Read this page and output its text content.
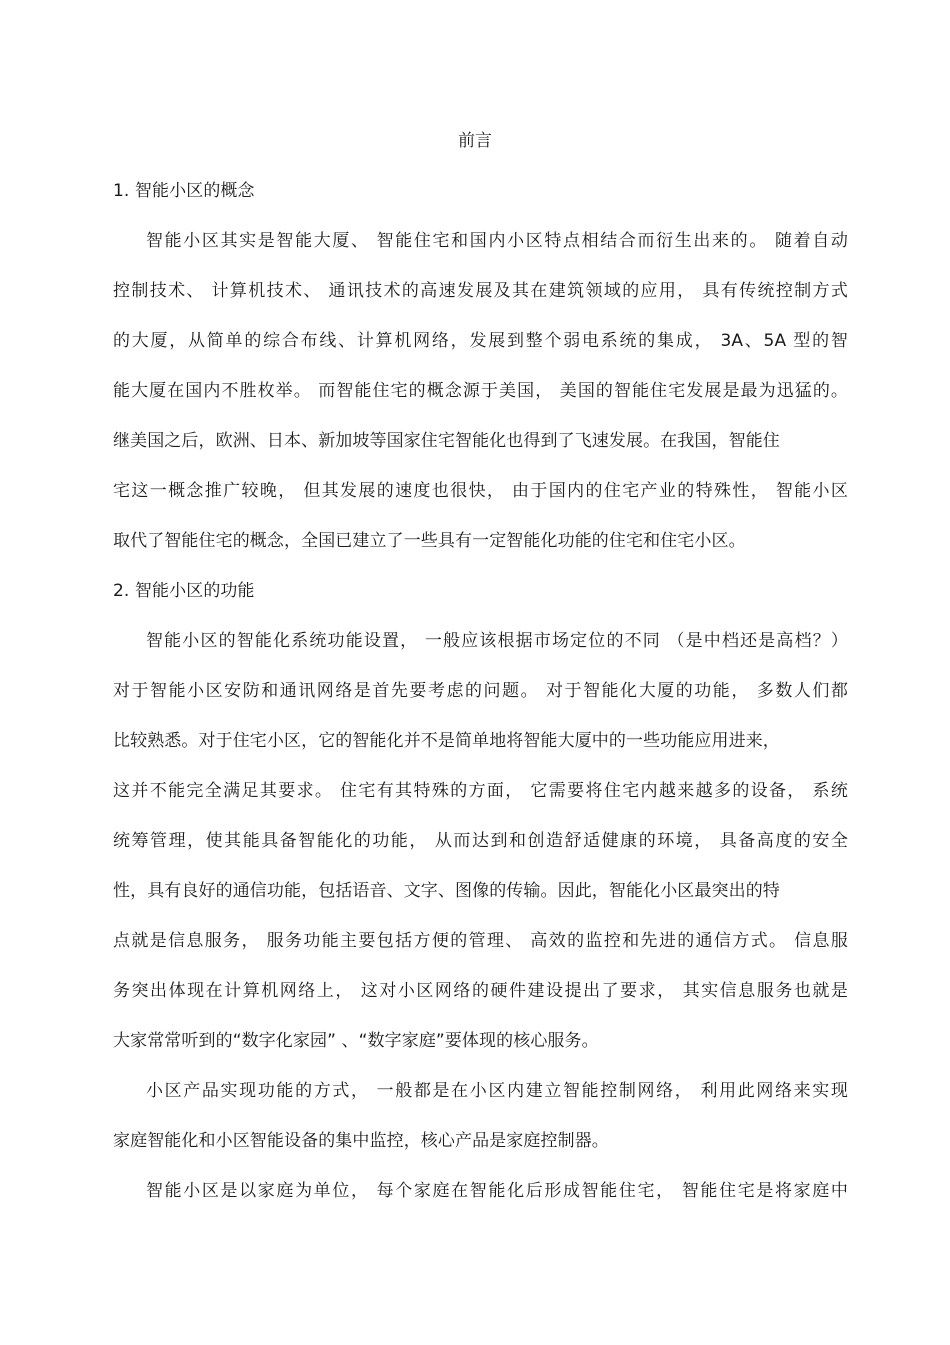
前言
1. 智能小区的概念
智能小区其实是智能大厦、 智能住宅和国内小区特点相结合而衍生出来的。 随着自动
控制技术、 计算机技术、 通讯技术的高速发展及其在建筑领域的应用， 具有传统控制方式
的大厦，从简单的综合布线、计算机网络，发展到整个弱电系统的集成， 3A、5A 型的智
能大厦在国内不胜枚举。 而智能住宅的概念源于美国， 美国的智能住宅发展是最为迅猛的。
继美国之后，欧洲、日本、新加坡等国家住宅智能化也得到了飞速发展。在我国，智能住
宅这一概念推广较晚， 但其发展的速度也很快， 由于国内的住宅产业的特殊性， 智能小区
取代了智能住宅的概念，全国已建立了一些具有一定智能化功能的住宅和住宅小区。
2. 智能小区的功能
智能小区的智能化系统功能设置， 一般应该根据市场定位的不同 （是中档还是高档？）
对于智能小区安防和通讯网络是首先要考虑的问题。 对于智能化大厦的功能， 多数人们都
比较熟悉。对于住宅小区，它的智能化并不是简单地将智能大厦中的一些功能应用进来，
这并不能完全满足其要求。 住宅有其特殊的方面， 它需要将住宅内越来越多的设备， 系统
统筹管理，使其能具备智能化的功能， 从而达到和创造舒适健康的环境， 具备高度的安全
性，具有良好的通信功能，包括语音、文字、图像的传输。因此，智能化小区最突出的特
点就是信息服务， 服务功能主要包括方便的管理、 高效的监控和先进的通信方式。 信息服
务突出体现在计算机网络上， 这对小区网络的硬件建设提出了要求， 其实信息服务也就是
大家常常听到的“数字化家园” 、“数字家庭”要体现的核心服务。
小区产品实现功能的方式， 一般都是在小区内建立智能控制网络， 利用此网络来实现
家庭智能化和小区智能设备的集中监控，核心产品是家庭控制器。
智能小区是以家庭为单位， 每个家庭在智能化后形成智能住宅， 智能住宅是将家庭中
